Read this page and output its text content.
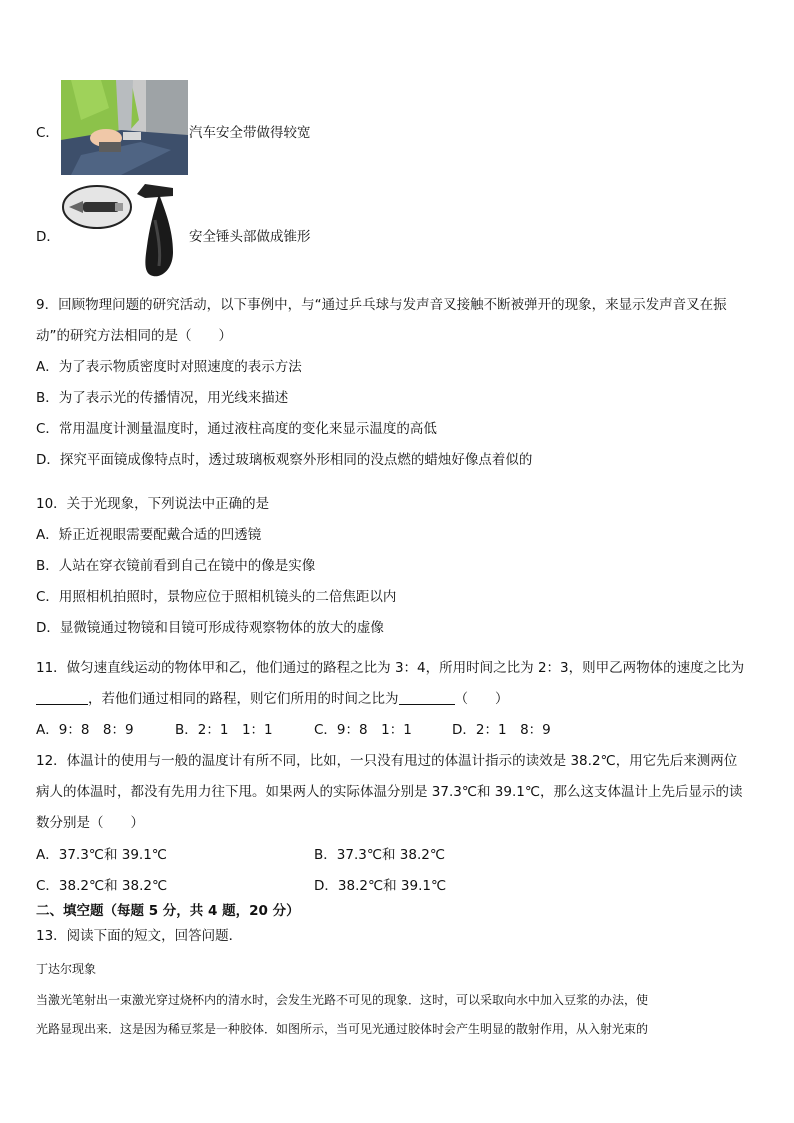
C．	汽车安全带做得较宽
D．	安全锤头部做成锥形
9．回顾物理问题的研究活动，以下事例中，与“通过乒乓球与发声音叉接触不断被弹开的现象，来显示发声音叉在振
动”的研究方法相同的是（　　）
A．为了表示物质密度时对照速度的表示方法
B．为了表示光的传播情况，用光线来描述
C．常用温度计测量温度时，通过液柱高度的变化来显示温度的高低
D．探究平面镜成像特点时，透过玻璃板观察外形相同的没点燃的蜡烛好像点着似的
10．关于光现象，下列说法中正确的是
A．矫正近视眼需要配戴合适的凹透镜
B．人站在穿衣镜前看到自己在镜中的像是实像
C．用照相机拍照时，景物应位于照相机镜头的二倍焦距以内
D．显微镜通过物镜和目镜可形成待观察物体的放大的虚像
11．做匀速直线运动的物体甲和乙，他们通过的路程之比为 3：4，所用时间之比为 2：3，则甲乙两物体的速度之比为
，若他们通过相同的路程，则它们所用的时间之比为	（　　）
A．9：8　8：9	B．2：1　1：1	C．9：8　1：1	D．2：1　8：9
12．体温计的使用与一般的温度计有所不同，比如，一只没有甩过的体温计指示的读效是 38.2℃，用它先后来测两位
病人的体温时，都没有先用力往下甩。如果两人的实际体温分别是 37.3℃和 39.1℃，那么这支体温计上先后显示的读
数分别是（　　）
A．37.3℃和 39.1℃	B．37.3℃和 38.2℃
C．38.2℃和 38.2℃	D．38.2℃和 39.1℃
二、填空题（每题 5 分，共 4 题，20 分）
13．阅读下面的短文，回答问题．
丁达尔现象
当激光笔射出一束激光穿过烧杯内的清水时，会发生光路不可见的现象．这时，可以采取向水中加入豆浆的办法，使
光路显现出来．这是因为稀豆浆是一种胶体．如图所示，当可见光通过胶体时会产生明显的散射作用，从入射光束的
